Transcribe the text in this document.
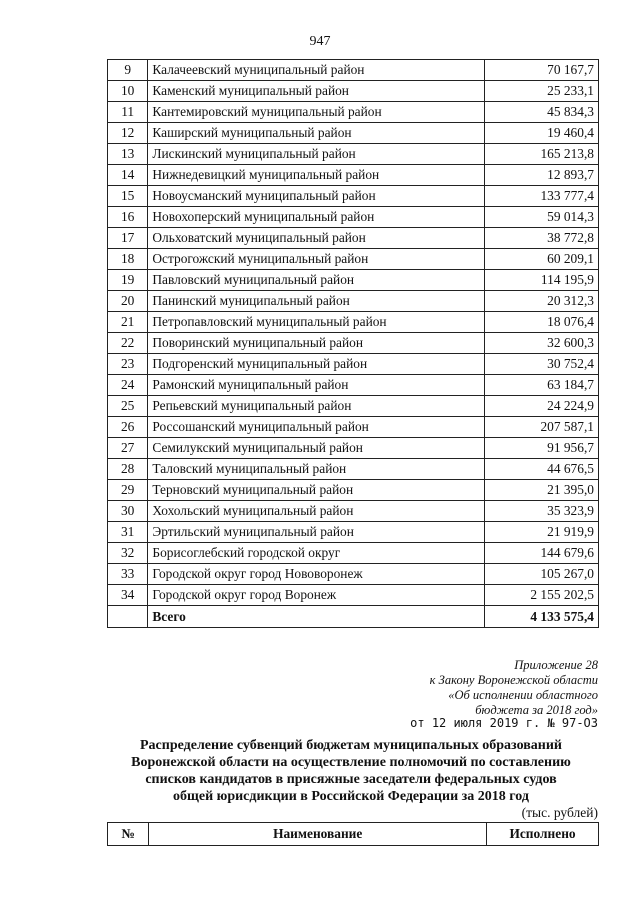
947
9	Калачеевский муниципальный район	70 167,7
10	Каменский муниципальный район	25 233,1
11	Кантемировский муниципальный район	45 834,3
12	Каширский муниципальный район	19 460,4
13	Лискинский муниципальный район	165 213,8
14	Нижнедевицкий муниципальный район	12 893,7
15	Новоусманский муниципальный район	133 777,4
16	Новохоперский муниципальный район	59 014,3
17	Ольховатский муниципальный район	38 772,8
18	Острогожский муниципальный район	60 209,1
19	Павловский муниципальный район	114 195,9
20	Панинский муниципальный район	20 312,3
21	Петропавловский муниципальный район	18 076,4
22	Поворинский муниципальный район	32 600,3
23	Подгоренский муниципальный район	30 752,4
24	Рамонский муниципальный район	63 184,7
25	Репьевский муниципальный район	24 224,9
26	Россошанский муниципальный район	207 587,1
27	Семилукский муниципальный район	91 956,7
28	Таловский муниципальный район	44 676,5
29	Терновский муниципальный район	21 395,0
30	Хохольский муниципальный район	35 323,9
31	Эртильский муниципальный район	21 919,9
32	Борисоглебский городской округ	144 679,6
33	Городской округ город Нововоронеж	105 267,0
34	Городской округ город Воронеж	2 155 202,5
	Всего	4 133 575,4
Приложение 28
к Закону Воронежской области
«Об исполнении областного
бюджета за 2018 год»
от 12 июля 2019 г. № 97-ОЗ
Распределение субвенций бюджетам муниципальных образований
Воронежской области на осуществление полномочий по составлению
списков кандидатов в присяжные заседатели федеральных судов
общей юрисдикции в Российской Федерации за 2018 год
(тыс. рублей)
№	Наименование	Исполнено
